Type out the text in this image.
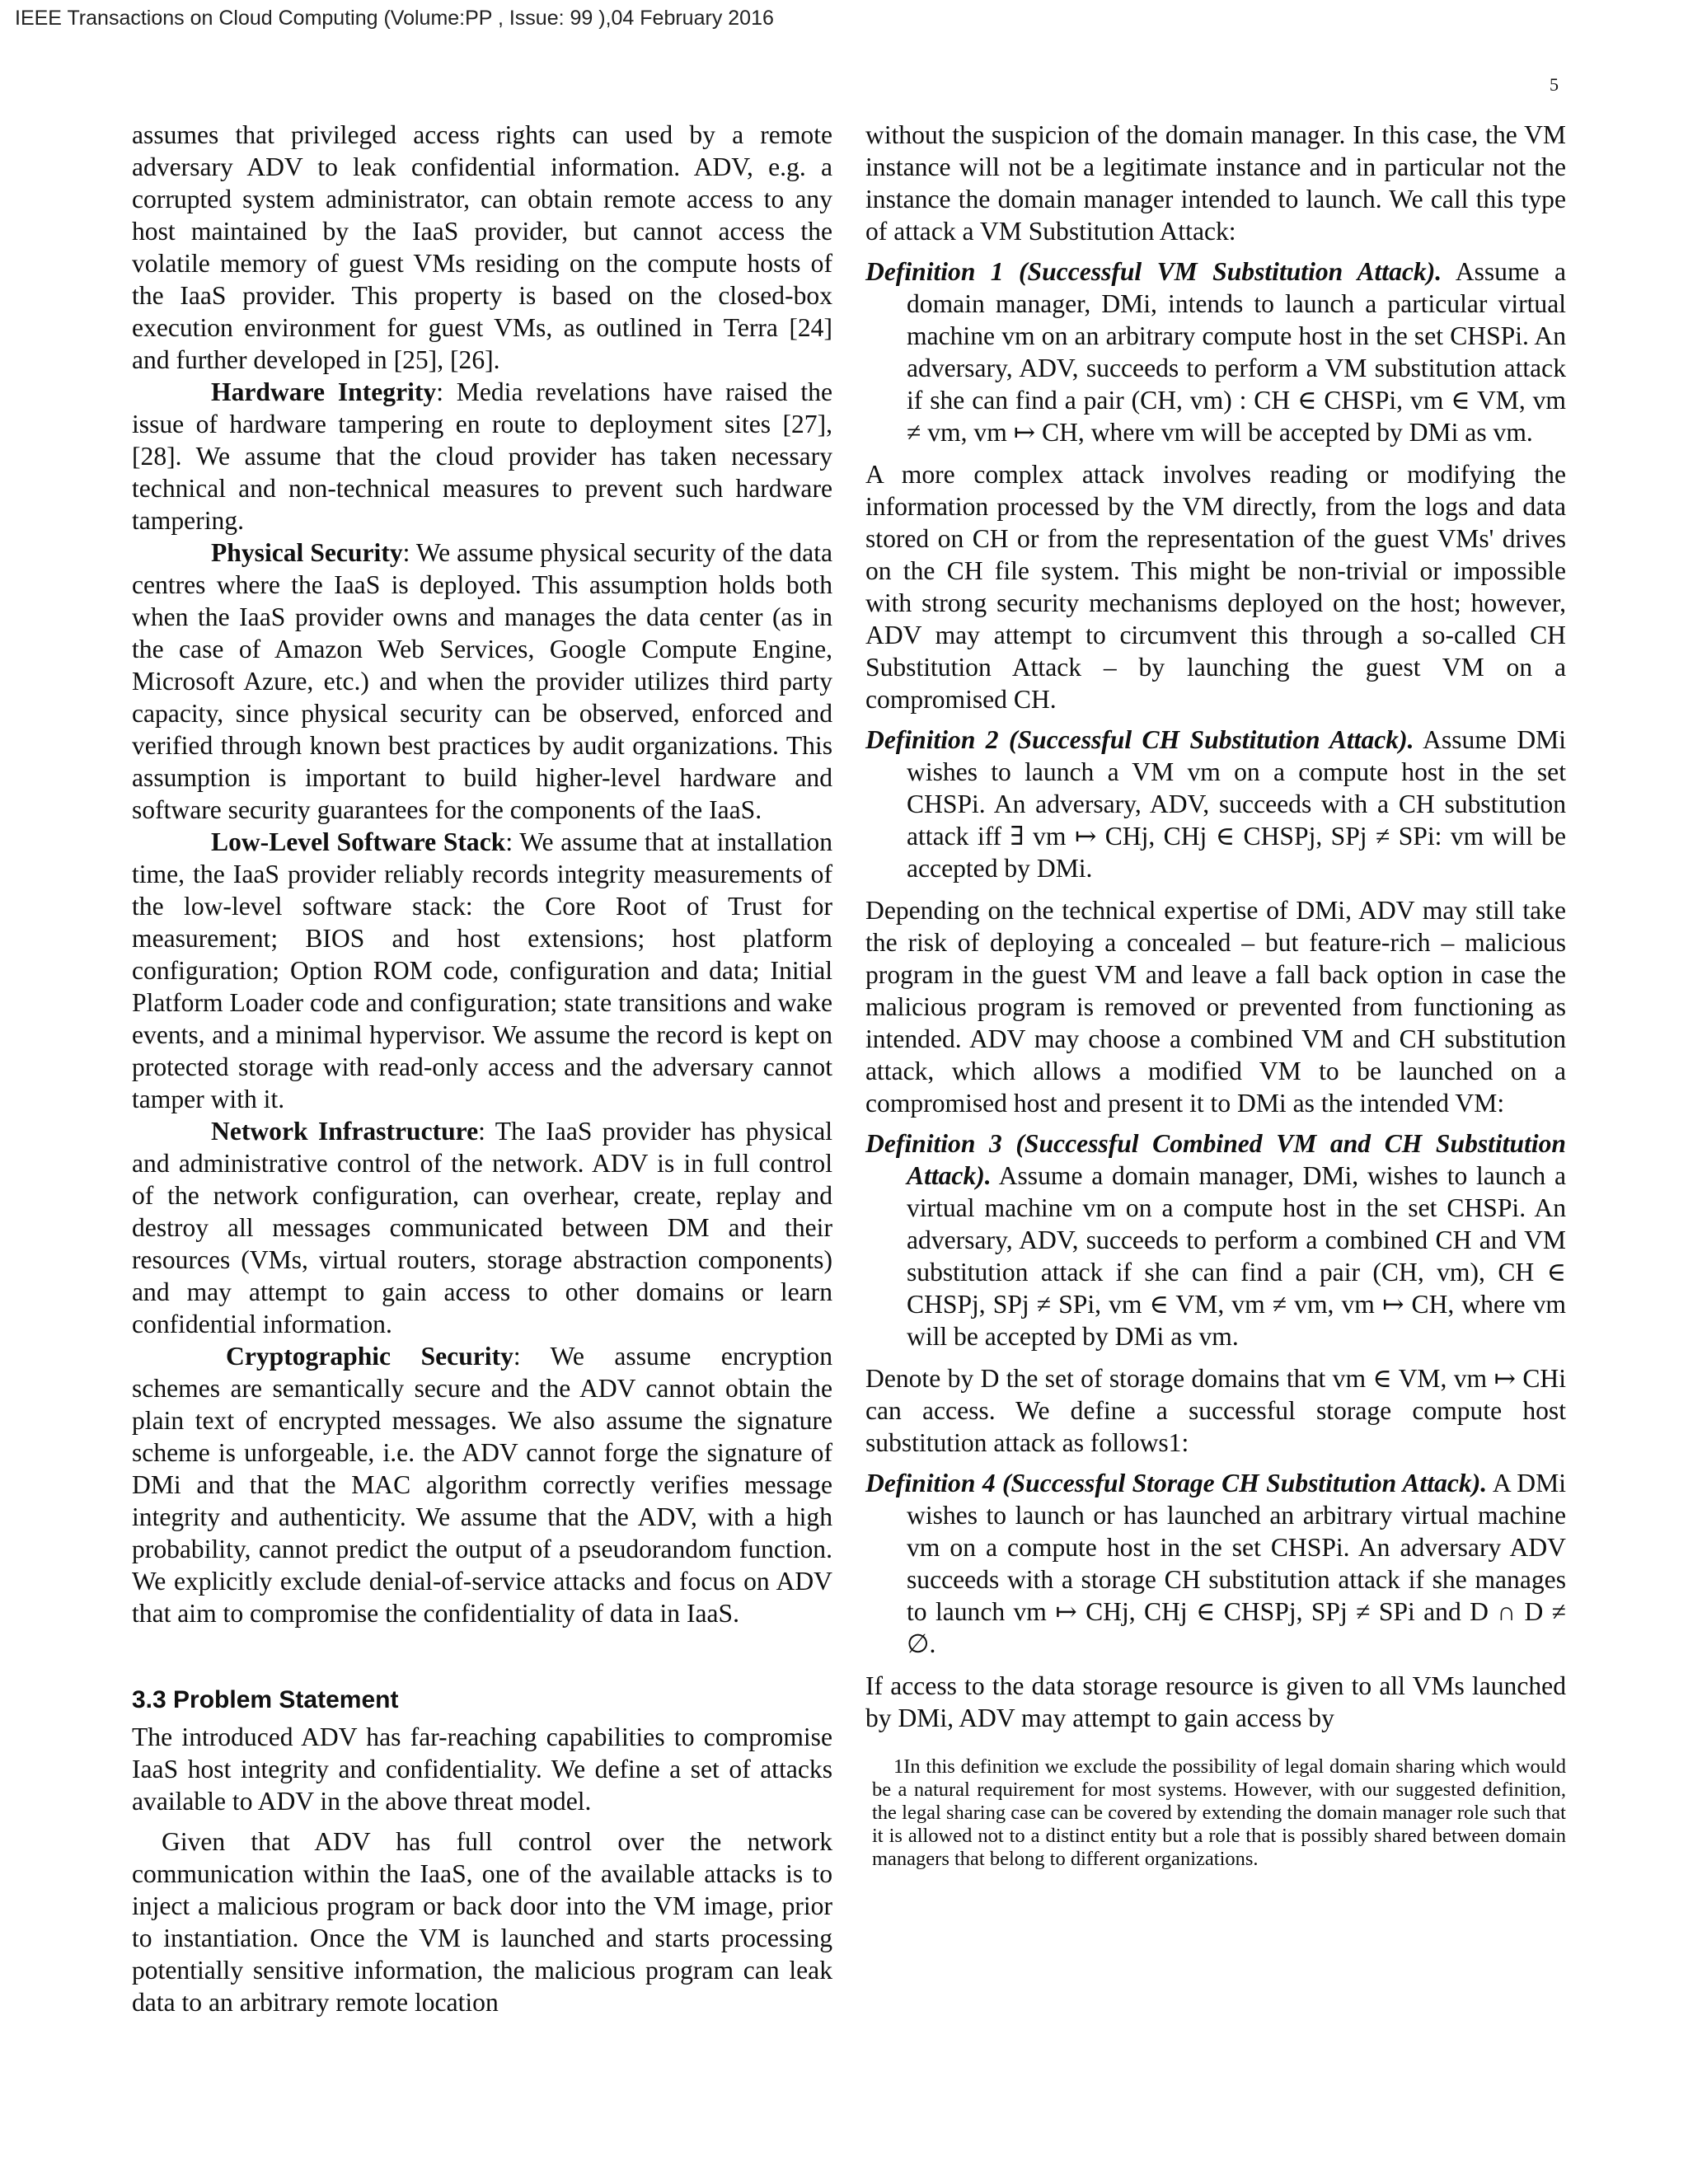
IEEE Transactions on Cloud Computing (Volume:PP , Issue: 99 ),04 February 2016
5

assumes that privileged access rights can used by a remote adversary ADV to leak confidential information. ADV, e.g. a corrupted system administrator, can obtain remote access to any host maintained by the IaaS provider, but cannot access the volatile memory of guest VMs residing on the compute hosts of the IaaS provider. This property is based on the closed-box execution environment for guest VMs, as outlined in Terra [24] and further developed in [25], [26].

Hardware Integrity: Media revelations have raised the issue of hardware tampering en route to deployment sites [27], [28]. We assume that the cloud provider has taken necessary technical and non-technical measures to prevent such hardware tampering.

Physical Security: We assume physical security of the data centres where the IaaS is deployed. This assumption holds both when the IaaS provider owns and manages the data center (as in the case of Amazon Web Services, Google Compute Engine, Microsoft Azure, etc.) and when the provider utilizes third party capacity, since physical security can be observed, enforced and verified through known best practices by audit organizations. This assumption is important to build higher-level hardware and software security guarantees for the components of the IaaS.

Low-Level Software Stack: We assume that at installation time, the IaaS provider reliably records integrity measurements of the low-level software stack: the Core Root of Trust for measurement; BIOS and host extensions; host platform configuration; Option ROM code, configuration and data; Initial Platform Loader code and configuration; state transitions and wake events, and a minimal hypervisor. We assume the record is kept on protected storage with read-only access and the adversary cannot tamper with it.

Network Infrastructure: The IaaS provider has physical and administrative control of the network. ADV is in full control of the network configuration, can overhear, create, replay and destroy all messages communicated between DM and their resources (VMs, virtual routers, storage abstraction components) and may attempt to gain access to other domains or learn confidential information.

Cryptographic Security: We assume encryption schemes are semantically secure and the ADV cannot obtain the plain text of encrypted messages. We also assume the signature scheme is unforgeable, i.e. the ADV cannot forge the signature of DMi and that the MAC algorithm correctly verifies message integrity and authenticity. We assume that the ADV, with a high probability, cannot predict the output of a pseudorandom function. We explicitly exclude denial-of-service attacks and focus on ADV that aim to compromise the confidentiality of data in IaaS.

3.3 Problem Statement

The introduced ADV has far-reaching capabilities to compromise IaaS host integrity and confidentiality. We define a set of attacks available to ADV in the above threat model.

Given that ADV has full control over the network communication within the IaaS, one of the available attacks is to inject a malicious program or back door into the VM image, prior to instantiation. Once the VM is launched and starts processing potentially sensitive information, the malicious program can leak data to an arbitrary remote location

without the suspicion of the domain manager. In this case, the VM instance will not be a legitimate instance and in particular not the instance the domain manager intended to launch. We call this type of attack a VM Substitution Attack:

Definition 1 (Successful VM Substitution Attack). Assume a domain manager, DMi, intends to launch a particular virtual machine vm on an arbitrary compute host in the set CHSPi. An adversary, ADV, succeeds to perform a VM substitution attack if she can find a pair (CH, vm) : CH ∈ CHSPi, vm ∈ VM, vm ≠ vm, vm ↦ CH, where vm will be accepted by DMi as vm.

A more complex attack involves reading or modifying the information processed by the VM directly, from the logs and data stored on CH or from the representation of the guest VMs' drives on the CH file system. This might be non-trivial or impossible with strong security mechanisms deployed on the host; however, ADV may attempt to circumvent this through a so-called CH Substitution Attack – by launching the guest VM on a compromised CH.

Definition 2 (Successful CH Substitution Attack). Assume DMi wishes to launch a VM vm on a compute host in the set CHSPi. An adversary, ADV, succeeds with a CH substitution attack iff ∃ vm ↦ CHj, CHj ∈ CHSPj, SPj ≠ SPi: vm will be accepted by DMi.

Depending on the technical expertise of DMi, ADV may still take the risk of deploying a concealed – but feature-rich – malicious program in the guest VM and leave a fall back option in case the malicious program is removed or prevented from functioning as intended. ADV may choose a combined VM and CH substitution attack, which allows a modified VM to be launched on a compromised host and present it to DMi as the intended VM:

Definition 3 (Successful Combined VM and CH Substitution Attack). Assume a domain manager, DMi, wishes to launch a virtual machine vm on a compute host in the set CHSPi. An adversary, ADV, succeeds to perform a combined CH and VM substitution attack if she can find a pair (CH, vm), CH ∈ CHSPj, SPj ≠ SPi, vm ∈ VM, vm ≠ vm, vm ↦ CH, where vm will be accepted by DMi as vm.

Denote by D the set of storage domains that vm ∈ VM, vm ↦ CHi can access. We define a successful storage compute host substitution attack as follows1:

Definition 4 (Successful Storage CH Substitution Attack). A DMi wishes to launch or has launched an arbitrary virtual machine vm on a compute host in the set CHSPi. An adversary ADV succeeds with a storage CH substitution attack if she manages to launch vm ↦ CHj, CHj ∈ CHSPj, SPj ≠ SPi and D ∩ D ≠ ∅.

If access to the data storage resource is given to all VMs launched by DMi, ADV may attempt to gain access by

1In this definition we exclude the possibility of legal domain sharing which would be a natural requirement for most systems. However, with our suggested definition, the legal sharing case can be covered by extending the domain manager role such that it is allowed not to a distinct entity but a role that is possibly shared between domain managers that belong to different organizations.
